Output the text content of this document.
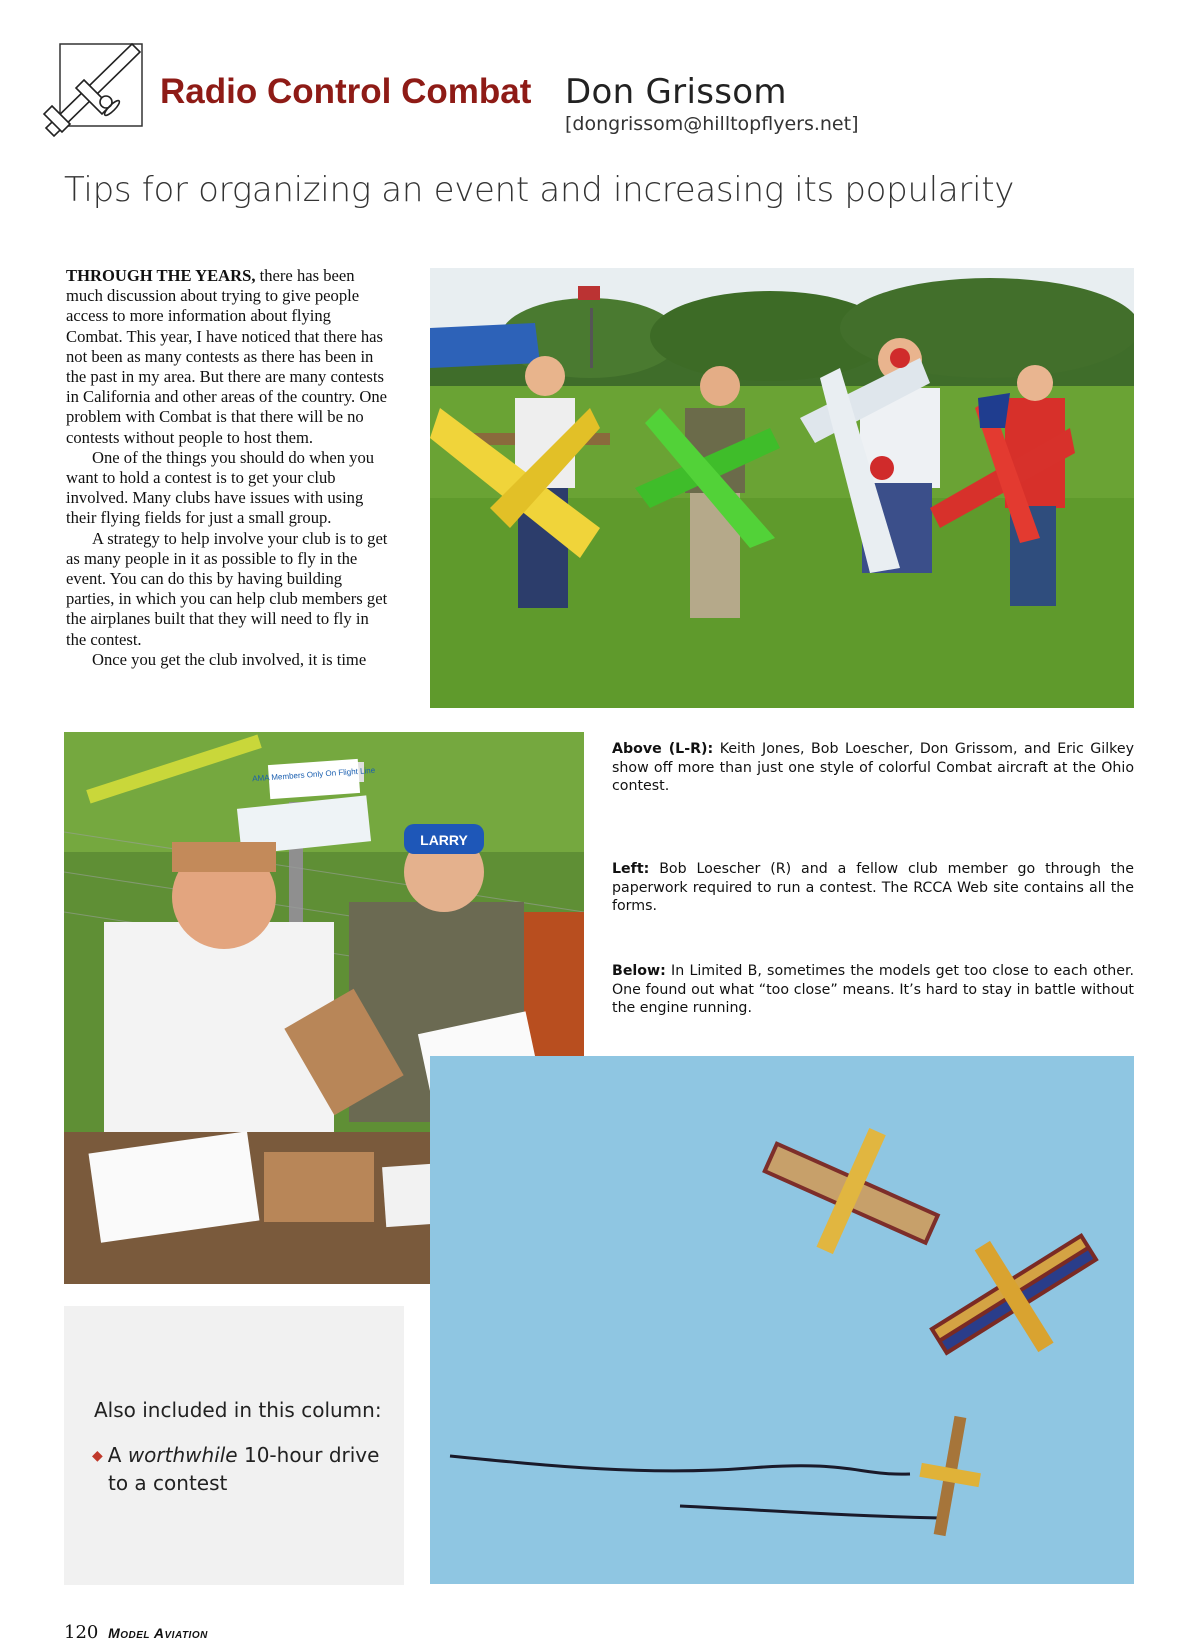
Radio Control Combat Don Grissom
[dongrissom@hilltopflyers.net]
Tips for organizing an event and increasing its popularity

THROUGH THE YEARS, there has been much discussion about trying to give people access to more information about flying Combat. This year, I have noticed that there has not been as many contests as there has been in the past in my area. But there are many contests in California and other areas of the country. One problem with Combat is that there will be no contests without people to host them.

One of the things you should do when you want to hold a contest is to get your club involved. Many clubs have issues with using their flying fields for just a small group.

A strategy to help involve your club is to get as many people in it as possible to fly in the event. You can do this by having building parties, in which you can help club members get the airplanes built that they will need to fly in the contest.

Once you get the club involved, it is time

LARRY
AMA Members Only On Flight Line
Above (L-R): Keith Jones, Bob Loescher, Don Grissom, and Eric Gilkey show off more than just one style of colorful Combat aircraft at the Ohio contest.
Left: Bob Loescher (R) and a fellow club member go through the paperwork required to run a contest. The RCCA Web site contains all the forms.
Below: In Limited B, sometimes the models get too close to each other. One found out what “too close” means. It’s hard to stay in battle without the engine running.
Also included in this column:
◆ A worthwhile 10-hour drive
to a contest
120 Model Aviation
